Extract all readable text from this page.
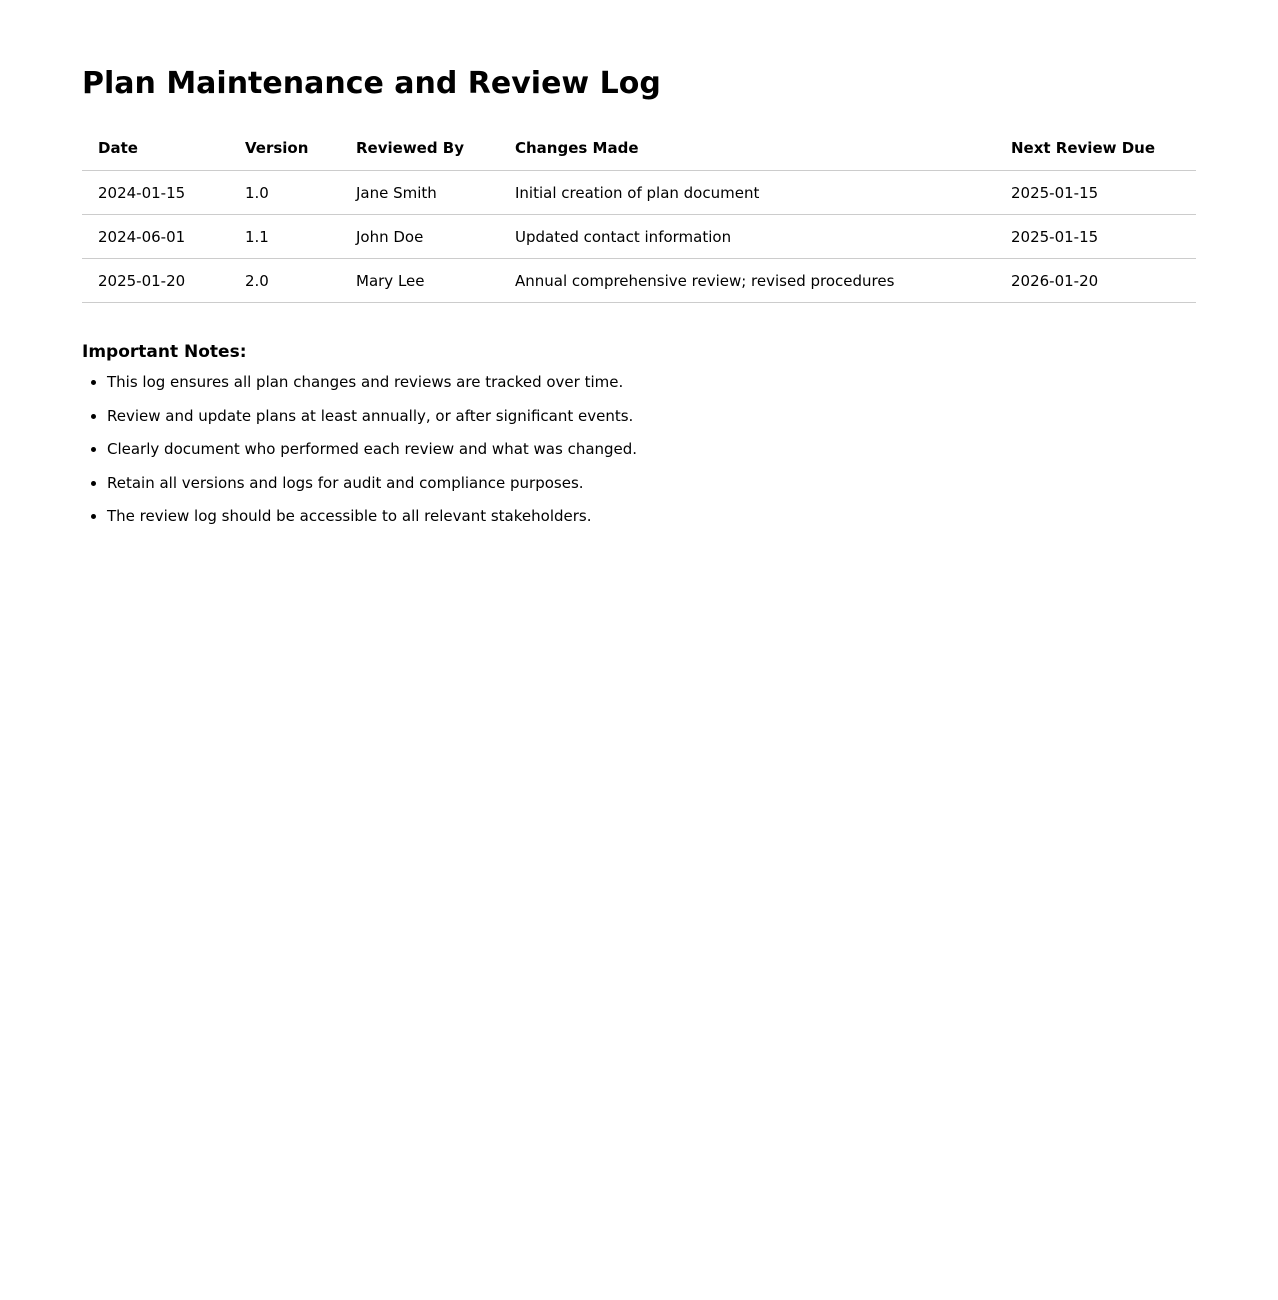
Plan Maintenance and Review Log
Date	Version	Reviewed By	Changes Made	Next Review Due
2024-01-15	1.0	Jane Smith	Initial creation of plan document	2025-01-15
2024-06-01	1.1	John Doe	Updated contact information	2025-01-15
2025-01-20	2.0	Mary Lee	Annual comprehensive review; revised procedures	2026-01-20
Important Notes:
• This log ensures all plan changes and reviews are tracked over time.
• Review and update plans at least annually, or after significant events.
• Clearly document who performed each review and what was changed.
• Retain all versions and logs for audit and compliance purposes.
• The review log should be accessible to all relevant stakeholders.
